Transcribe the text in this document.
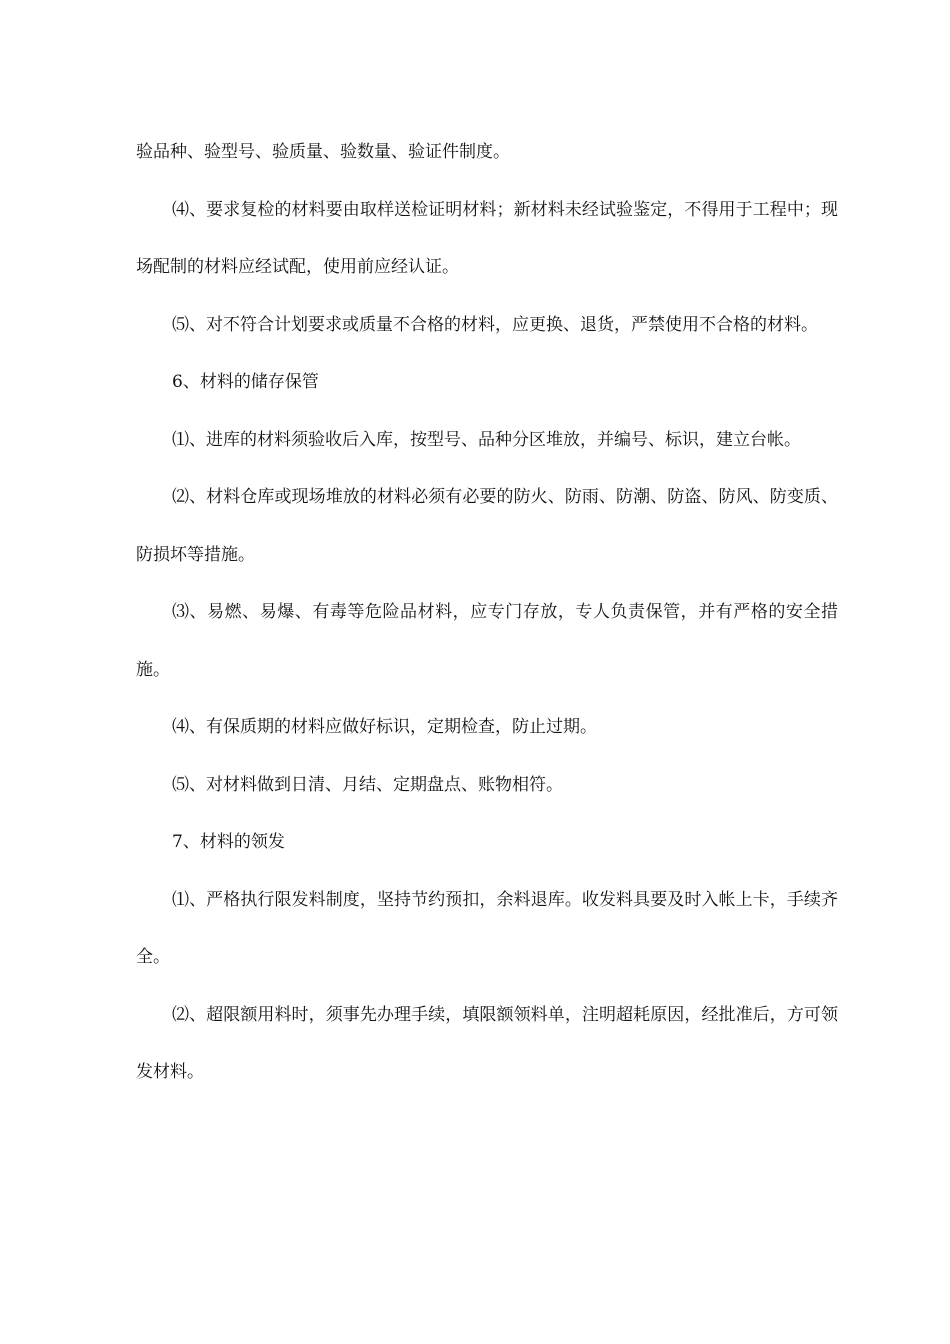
验品种、验型号、验质量、验数量、验证件制度。

⑷、要求复检的材料要由取样送检证明材料；新材料未经试验鉴定，不得用于工程中；现场配制的材料应经试配，使用前应经认证。

⑸、对不符合计划要求或质量不合格的材料，应更换、退货，严禁使用不合格的材料。

6、材料的储存保管

⑴、进库的材料须验收后入库，按型号、品种分区堆放，并编号、标识，建立台帐。

⑵、材料仓库或现场堆放的材料必须有必要的防火、防雨、防潮、防盗、防风、防变质、防损坏等措施。

⑶、易燃、易爆、有毒等危险品材料，应专门存放，专人负责保管，并有严格的安全措施。

⑷、有保质期的材料应做好标识，定期检查，防止过期。

⑸、对材料做到日清、月结、定期盘点、账物相符。

7、材料的领发

⑴、严格执行限发料制度，坚持节约预扣，余料退库。收发料具要及时入帐上卡，手续齐全。

⑵、超限额用料时，须事先办理手续，填限额领料单，注明超耗原因，经批准后，方可领发材料。
